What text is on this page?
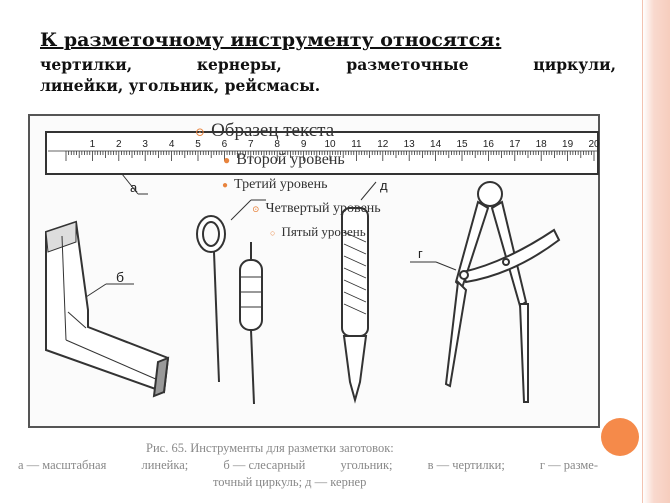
К разметочному инструменту относятся:
чертилки,	кернеры,	разметочные	циркули,
линейки, угольник, рейсмасы.
1 2 3 4 5 6 7 8 9 10 11 12 13 14 15 16 17 18 19 20
а
б
д
г
⊙ Образец текста
● Второй уровень
● Третий уровень
⊙ Четвертый уровень
○ Пятый уровень
Рис. 65. Инструменты для разметки заготовок:
а — масштабная	линейка;	б — слесарный	угольник;	в — чертилки;	г — разме-
точный циркуль; д — кернер
